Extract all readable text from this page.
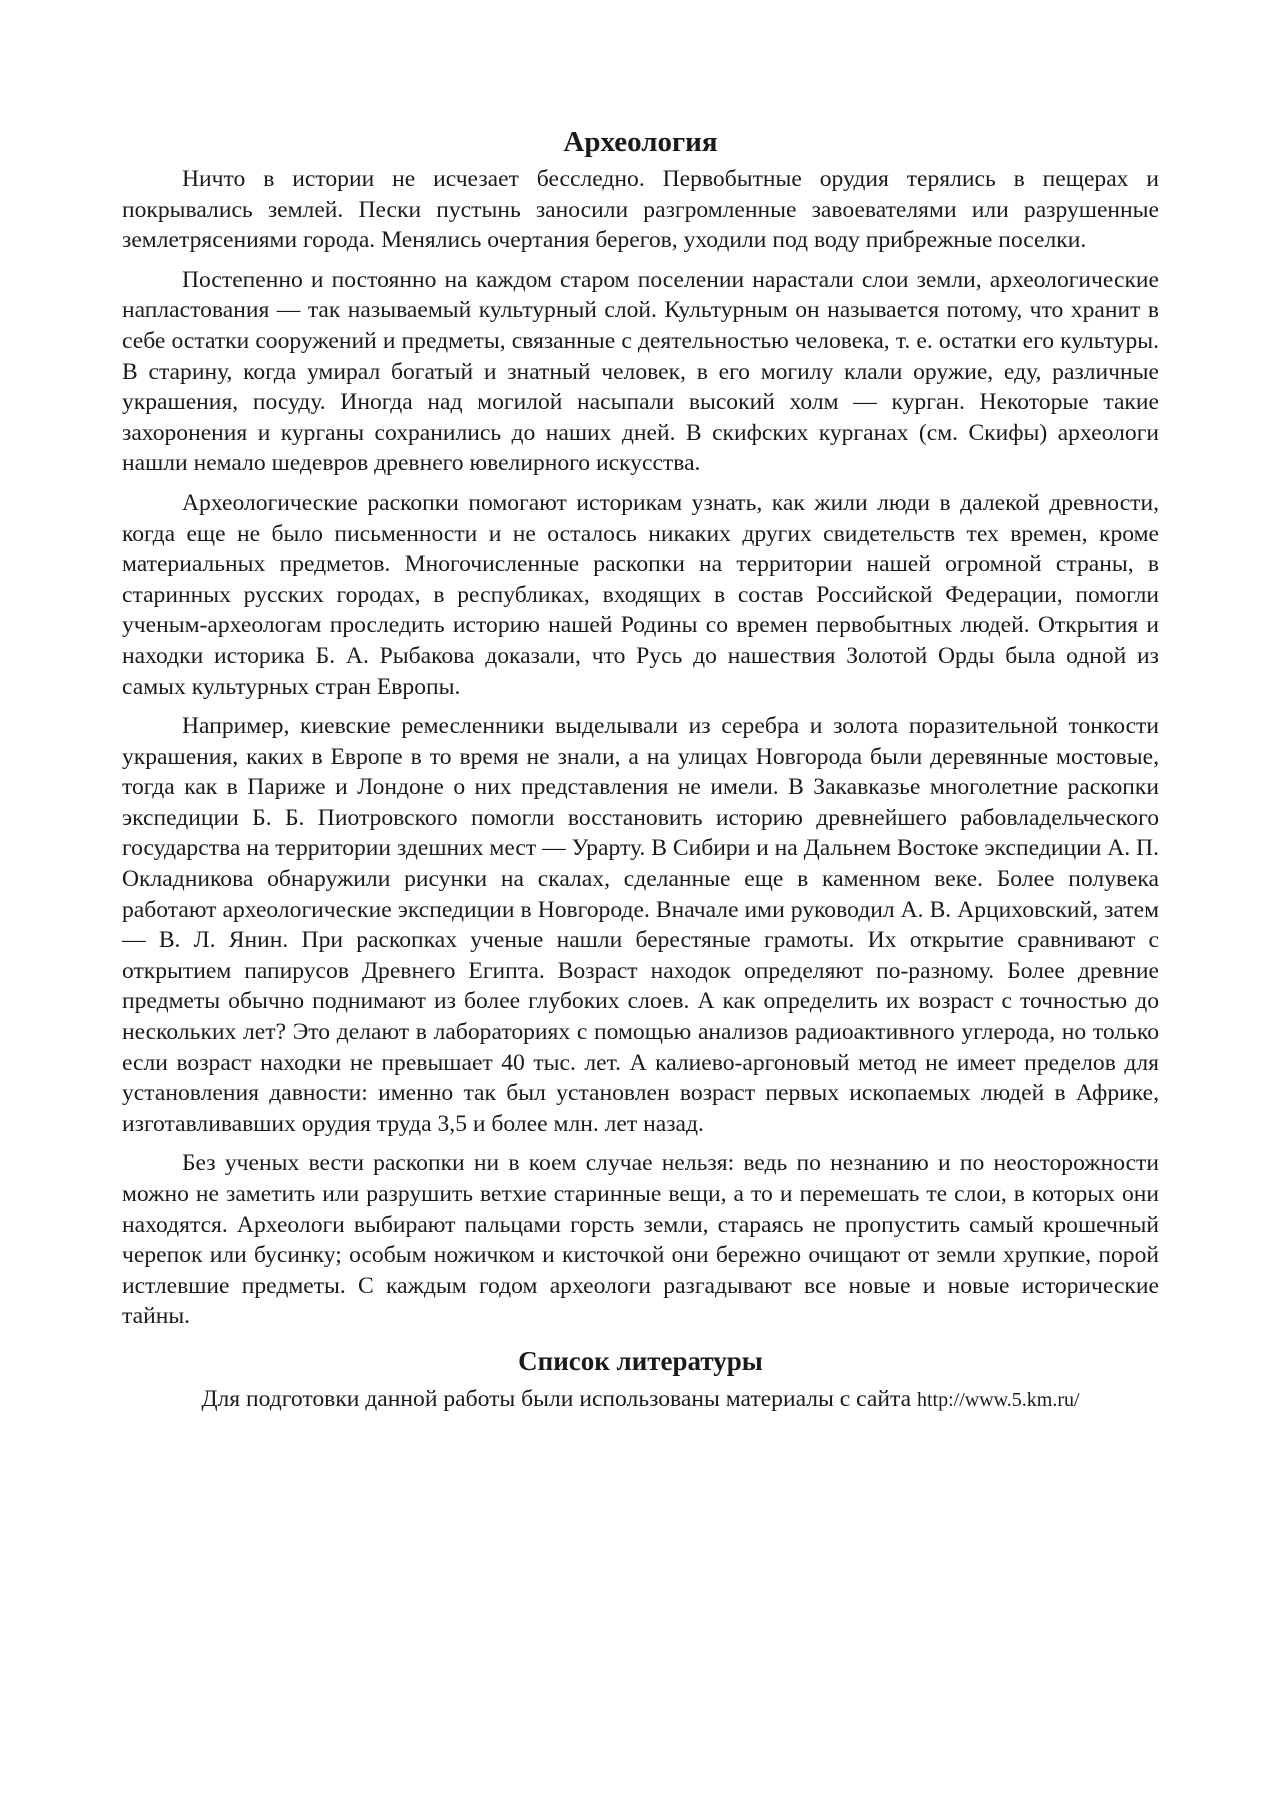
Археология

Ничто в истории не исчезает бесследно. Первобытные орудия терялись в пещерах и покрывались землей. Пески пустынь заносили разгромленные завоевателями или разрушенные землетрясениями города. Менялись очертания берегов, уходили под воду прибрежные поселки.

Постепенно и постоянно на каждом старом поселении нарастали слои земли, археологические напластования — так называемый культурный слой. Культурным он называется потому, что хранит в себе остатки сооружений и предметы, связанные с деятельностью человека, т. е. остатки его культуры. В старину, когда умирал богатый и знатный человек, в его могилу клали оружие, еду, различные украшения, посуду. Иногда над могилой насыпали высокий холм — курган. Некоторые такие захоронения и курганы сохранились до наших дней. В скифских курганах (см. Скифы) археологи нашли немало шедевров древнего ювелирного искусства.

Археологические раскопки помогают историкам узнать, как жили люди в далекой древности, когда еще не было письменности и не осталось никаких других свидетельств тех времен, кроме материальных предметов. Многочисленные раскопки на территории нашей огромной страны, в старинных русских городах, в республиках, входящих в состав Российской Федерации, помогли ученым-археологам проследить историю нашей Родины со времен первобытных людей. Открытия и находки историка Б. А. Рыбакова доказали, что Русь до нашествия Золотой Орды была одной из самых культурных стран Европы.

Например, киевские ремесленники выделывали из серебра и золота поразительной тонкости украшения, каких в Европе в то время не знали, а на улицах Новгорода были деревянные мостовые, тогда как в Париже и Лондоне о них представления не имели. В Закавказье многолетние раскопки экспедиции Б. Б. Пиотровского помогли восстановить историю древнейшего рабовладельческого государства на территории здешних мест — Урарту. В Сибири и на Дальнем Востоке экспедиции А. П. Окладникова обнаружили рисунки на скалах, сделанные еще в каменном веке. Более полувека работают археологические экспедиции в Новгороде. Вначале ими руководил А. В. Арциховский, затем — В. Л. Янин. При раскопках ученые нашли берестяные грамоты. Их открытие сравнивают с открытием папирусов Древнего Египта. Возраст находок определяют по-разному. Более древние предметы обычно поднимают из более глубоких слоев. А как определить их возраст с точностью до нескольких лет? Это делают в лабораториях с помощью анализов радиоактивного углерода, но только если возраст находки не превышает 40 тыс. лет. А калиево-аргоновый метод не имеет пределов для установления давности: именно так был установлен возраст первых ископаемых людей в Африке, изготавливавших орудия труда 3,5 и более млн. лет назад.

Без ученых вести раскопки ни в коем случае нельзя: ведь по незнанию и по неосторожности можно не заметить или разрушить ветхие старинные вещи, а то и перемешать те слои, в которых они находятся. Археологи выбирают пальцами горсть земли, стараясь не пропустить самый крошечный черепок или бусинку; особым ножичком и кисточкой они бережно очищают от земли хрупкие, порой истлевшие предметы. С каждым годом археологи разгадывают все новые и новые исторические тайны.

Список литературы

Для подготовки данной работы были использованы материалы с сайта http://www.5.km.ru/
